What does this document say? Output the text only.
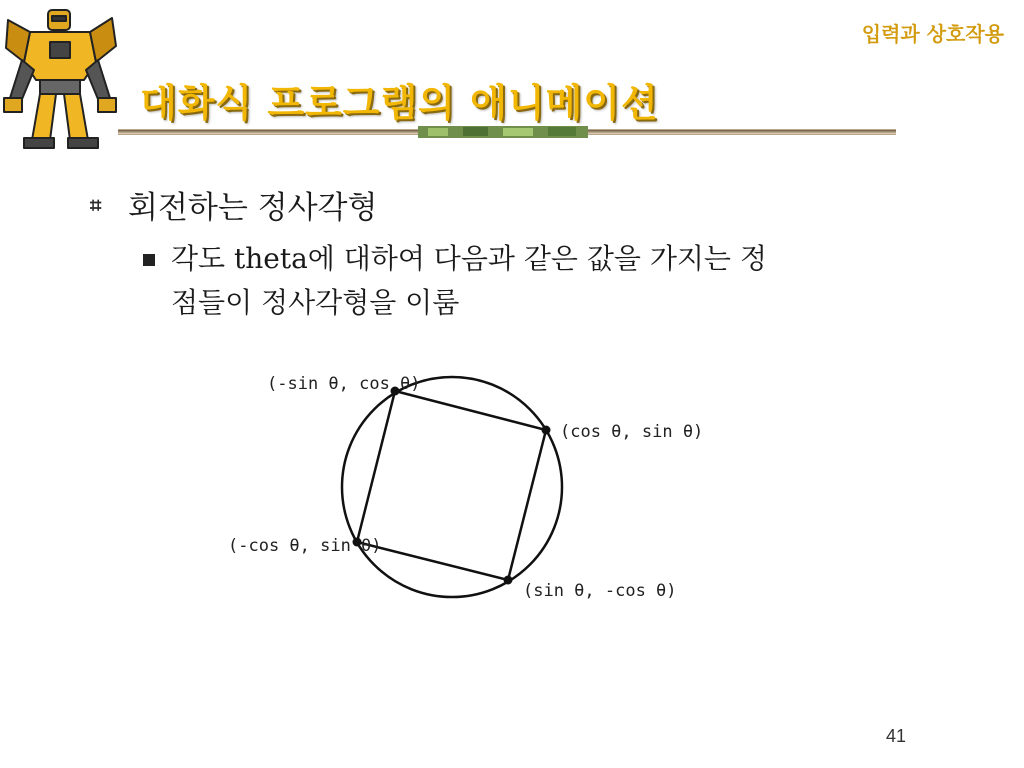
입력과 상호작용
대화식 프로그램의 애니메이션
⌗ 회전하는 정사각형
각도 theta에 대하여 다음과 같은 값을 가지는 정
점들이 정사각형을 이룸
(-sin θ, cos θ)
(cos θ, sin θ)
(-cos θ, sin θ)
(sin θ, -cos θ)
41
